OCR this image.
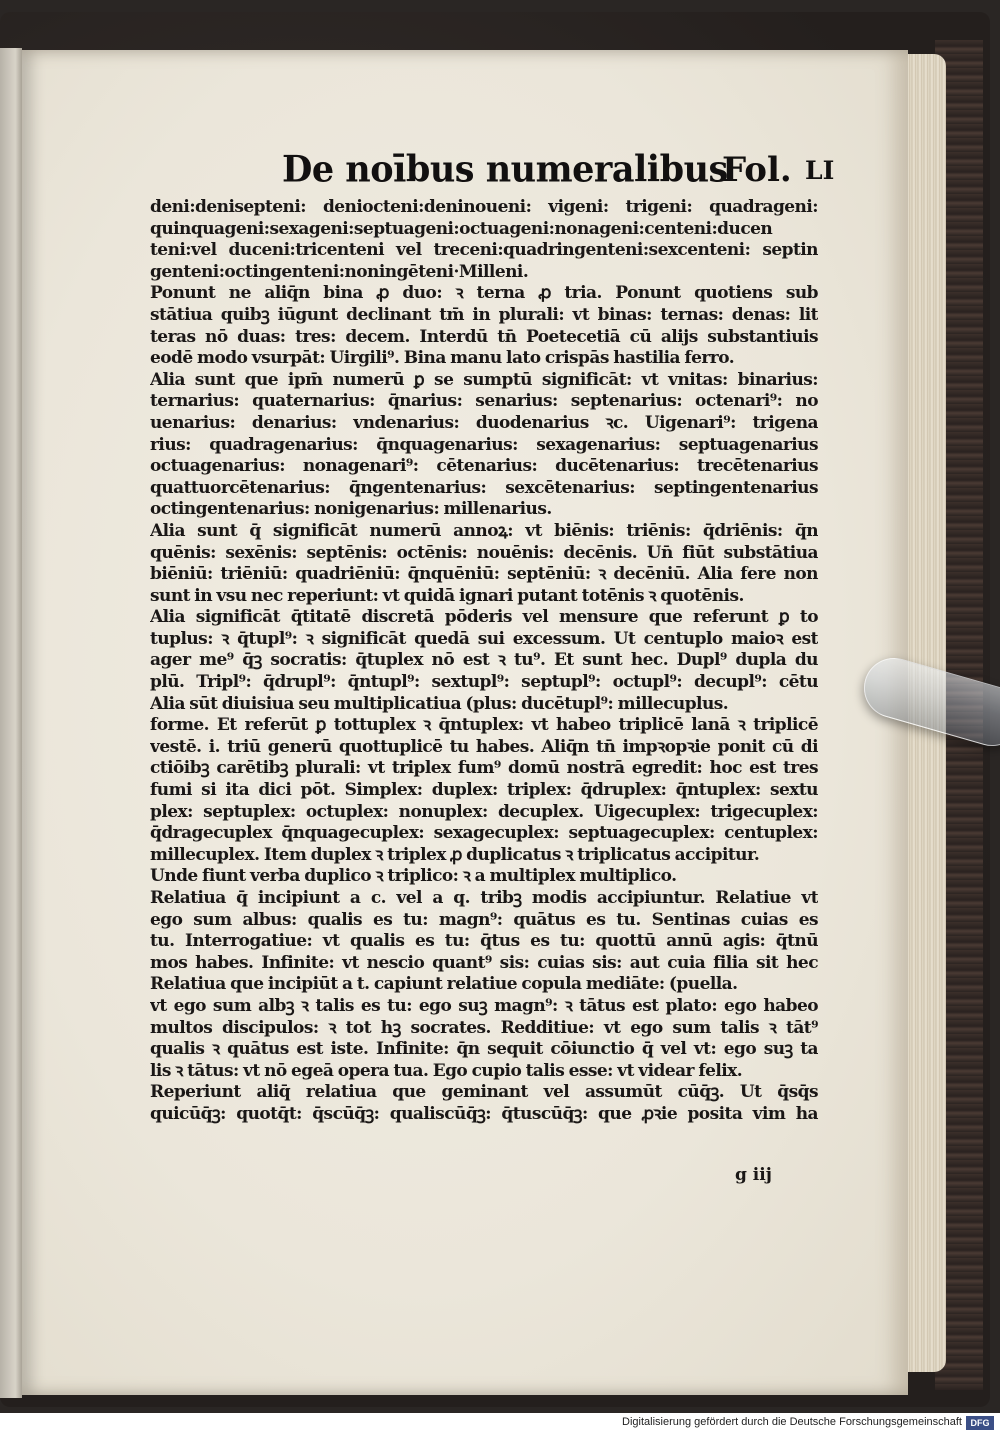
De noībus numeralibus
Fol. LI
deni:denisepteni: deniocteni:deninoueni: vigeni: trigeni: quadrageni:
quinquageni:sexageni:septuageni:octuageni:nonageni:centeni:ducen
teni:vel duceni:tricenteni vel treceni:quadringenteni:sexcenteni: septin
genteni:octingenteni:noningēteni·Milleni.
Ponunt ne aliq̄n bina ꝓ duo: ꝛ terna ꝓ tria. Ponunt quotiens sub
stātiua quibꝫ iūgunt declinant tm̄ in plurali: vt binas: ternas: denas: lit
teras nō duas: tres: decem. Interdū tn̄ Poetecetiā cū alijs substantiuis
eodē modo vsurpāt: Uirgili⁹. Bina manu lato crispās hastilia ferro.
Alia sunt que ipm̄ numerū ꝑ se sumptū significāt: vt vnitas: binarius:
ternarius: quaternarius: q̄narius: senarius: septenarius: octenari⁹: no
uenarius: denarius: vndenarius: duodenarius ꝛc. Uigenari⁹: trigena
rius: quadragenarius: q̄nquagenarius: sexagenarius: septuagenarius
octuagenarius: nonagenari⁹: cētenarius: ducētenarius: trecētenarius
quattuorcētenarius: q̄ngentenarius: sexcētenarius: septingentenarius
octingentenarius: nonigenarius: millenarius.
Alia sunt q̄ significāt numerū annoꝝ: vt biēnis: triēnis: q̄driēnis: q̄n
quēnis: sexēnis: septēnis: octēnis: nouēnis: decēnis. Un̄ fiūt substātiua
biēniū: triēniū: quadriēniū: q̄nquēniū: septēniū: ꝛ decēniū. Alia fere non
sunt in vsu nec reperiunt: vt quidā ignari putant totēnis ꝛ quotēnis.
Alia significāt q̄titatē discretā pōderis vel mensure que referunt ꝑ to
tuplus: ꝛ q̄tupl⁹: ꝛ significāt quedā sui excessum. Ut centuplo maioꝛ est
ager me⁹ q̄ꝫ socratis: q̄tuplex nō est ꝛ tu⁹. Et sunt hec. Dupl⁹ dupla du
plū. Tripl⁹: q̄drupl⁹: q̄ntupl⁹: sextupl⁹: septupl⁹: octupl⁹: decupl⁹: cētu
Alia sūt diuisiua seu multiplicatiua (plus: ducētupl⁹: millecuplus.
forme. Et referūt ꝑ tottuplex ꝛ q̄ntuplex: vt habeo triplicē lanā ꝛ triplicē
vestē. i. triū generū quottuplicē tu habes. Aliq̄n tn̄ impꝛopꝛie ponit cū di
ctiōibꝫ carētibꝫ plurali: vt triplex fum⁹ domū nostrā egredit: hoc est tres
fumi si ita dici pōt. Simplex: duplex: triplex: q̄druplex: q̄ntuplex: sextu
plex: septuplex: octuplex: nonuplex: decuplex. Uigecuplex: trigecuplex:
q̄dragecuplex q̄nquagecuplex: sexagecuplex: septuagecuplex: centuplex:
millecuplex. Item duplex ꝛ triplex ꝓ duplicatus ꝛ triplicatus accipitur.
Unde fiunt verba duplico ꝛ triplico: ꝛ a multiplex multiplico.
Relatiua q̄ incipiunt a c. vel a q. tribꝫ modis accipiuntur. Relatiue vt
ego sum albus: qualis es tu: magn⁹: quātus es tu. Sentinas cuias es
tu. Interrogatiue: vt qualis es tu: q̄tus es tu: quottū annū agis: q̄tnū
mos habes. Infinite: vt nescio quant⁹ sis: cuias sis: aut cuia filia sit hec
Relatiua que incipiūt a t. capiunt relatiue copula mediāte: (puella.
vt ego sum albꝫ ꝛ talis es tu: ego suꝫ magn⁹: ꝛ tātus est plato: ego habeo
multos discipulos: ꝛ tot hꝫ socrates. Redditiue: vt ego sum talis ꝛ tāt⁹
qualis ꝛ quātus est iste. Infinite: q̄n sequit cōiunctio q̄ vel vt: ego suꝫ ta
lis ꝛ tātus: vt nō egeā opera tua. Ego cupio talis esse: vt videar felix.
Reperiunt aliq̄ relatiua que geminant vel assumūt cūq̄ꝫ. Ut q̄sq̄s
quicūq̄ꝫ: quotq̄t: q̄scūq̄ꝫ: qualiscūq̄ꝫ: q̄tuscūq̄ꝫ: que ꝓꝛie posita vim ha
g iij
Digitalisierung gefördert durch die Deutsche Forschungsgemeinschaft DFG
